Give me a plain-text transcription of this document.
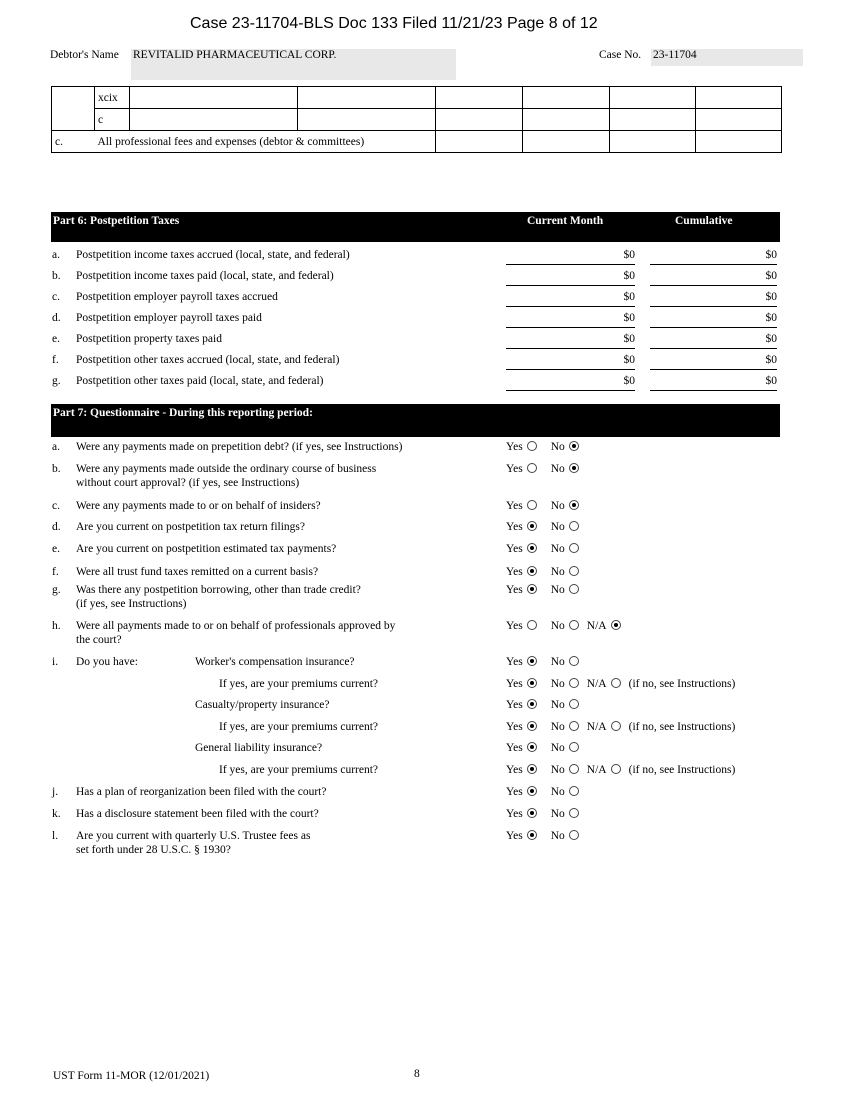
Case 23-11704-BLS Doc 133 Filed 11/21/23 Page 8 of 12
Debtor's Name REVITALID PHARMACEUTICAL CORP.	Case No. 23-11704
	xcix						
	c						
c.	All professional fees and expenses (debtor & committees)						
Part 6: Postpetition Taxes	Current Month	Cumulative
a. Postpetition income taxes accrued (local, state, and federal)	$0	$0
b. Postpetition income taxes paid (local, state, and federal)	$0	$0
c. Postpetition employer payroll taxes accrued	$0	$0
d. Postpetition employer payroll taxes paid	$0	$0
e. Postpetition property taxes paid	$0	$0
f. Postpetition other taxes accrued (local, state, and federal)	$0	$0
g. Postpetition other taxes paid (local, state, and federal)	$0	$0
Part 7: Questionnaire - During this reporting period:
a. Were any payments made on prepetition debt? (if yes, see Instructions)	Yes No
b. Were any payments made outside the ordinary course of business
without court approval? (if yes, see Instructions)
Yes No
c. Were any payments made to or on behalf of insiders?	Yes No
d. Are you current on postpetition tax return filings?	Yes No
e. Are you current on postpetition estimated tax payments?	Yes No
f. Were all trust fund taxes remitted on a current basis?	Yes No
g. Was there any postpetition borrowing, other than trade credit?
(if yes, see Instructions)
Yes No
h. Were all payments made to or on behalf of professionals approved by
the court?
Yes No N/A
i. Do you have:	Worker's compensation insurance?	Yes No
If yes, are your premiums current?	Yes No N/A (if no, see Instructions)
Casualty/property insurance?	Yes No
If yes, are your premiums current?	Yes No N/A (if no, see Instructions)
General liability insurance?	Yes No
If yes, are your premiums current?	Yes No N/A (if no, see Instructions)
j. Has a plan of reorganization been filed with the court?	Yes No
k. Has a disclosure statement been filed with the court?	Yes No
l. Are you current with quarterly U.S. Trustee fees as
set forth under 28 U.S.C. § 1930?
Yes No
UST Form 11-MOR (12/01/2021)	8
